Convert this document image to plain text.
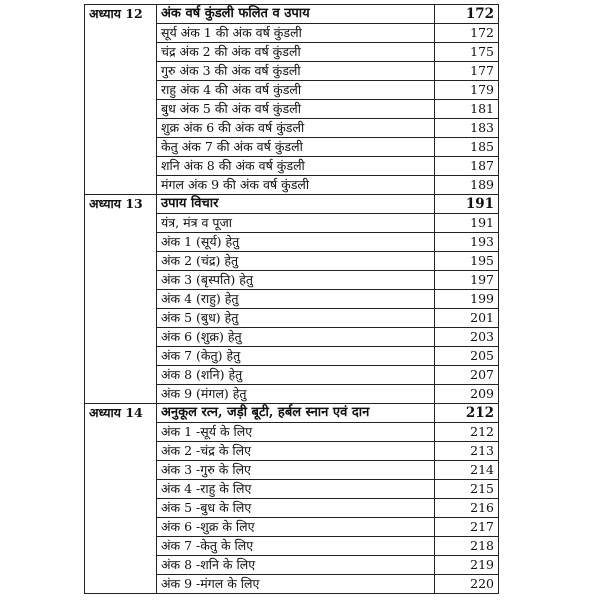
अध्याय 12	अंक वर्ष कुंडली फलित व उपाय	172
	सूर्य अंक 1 की अंक वर्ष कुंडली	172
	चंद्र अंक 2 की अंक वर्ष कुंडली	175
	गुरु अंक 3 की अंक वर्ष कुंडली	177
	राहु अंक 4 की अंक वर्ष कुंडली	179
	बुध अंक 5 की अंक वर्ष कुंडली	181
	शुक्र अंक 6 की अंक वर्ष कुंडली	183
	केतु अंक 7 की अंक वर्ष कुंडली	185
	शनि अंक 8 की अंक वर्ष कुंडली	187
	मंगल अंक 9 की अंक वर्ष कुंडली	189
अध्याय 13	उपाय विचार	191
	यंत्र, मंत्र व पूजा	191
	अंक 1 (सूर्य) हेतु	193
	अंक 2 (चंद्र) हेतु	195
	अंक 3 (बृस्पति) हेतु	197
	अंक 4 (राहु) हेतु	199
	अंक 5 (बुध) हेतु	201
	अंक 6 (शुक्र) हेतु	203
	अंक 7 (केतु) हेतु	205
	अंक 8 (शनि) हेतु	207
	अंक 9 (मंगल) हेतु	209
अध्याय 14	अनुकूल रत्न, जड़ी बूटी, हर्बल स्नान एवं दान	212
	अंक 1 -सूर्य के लिए	212
	अंक 2 -चंद्र के लिए	213
	अंक 3 -गुरु के लिए	214
	अंक 4 -राहु के लिए	215
	अंक 5 -बुध के लिए	216
	अंक 6 -शुक्र के लिए	217
	अंक 7 -केतु के लिए	218
	अंक 8 -शनि के लिए	219
	अंक 9 -मंगल के लिए	220
